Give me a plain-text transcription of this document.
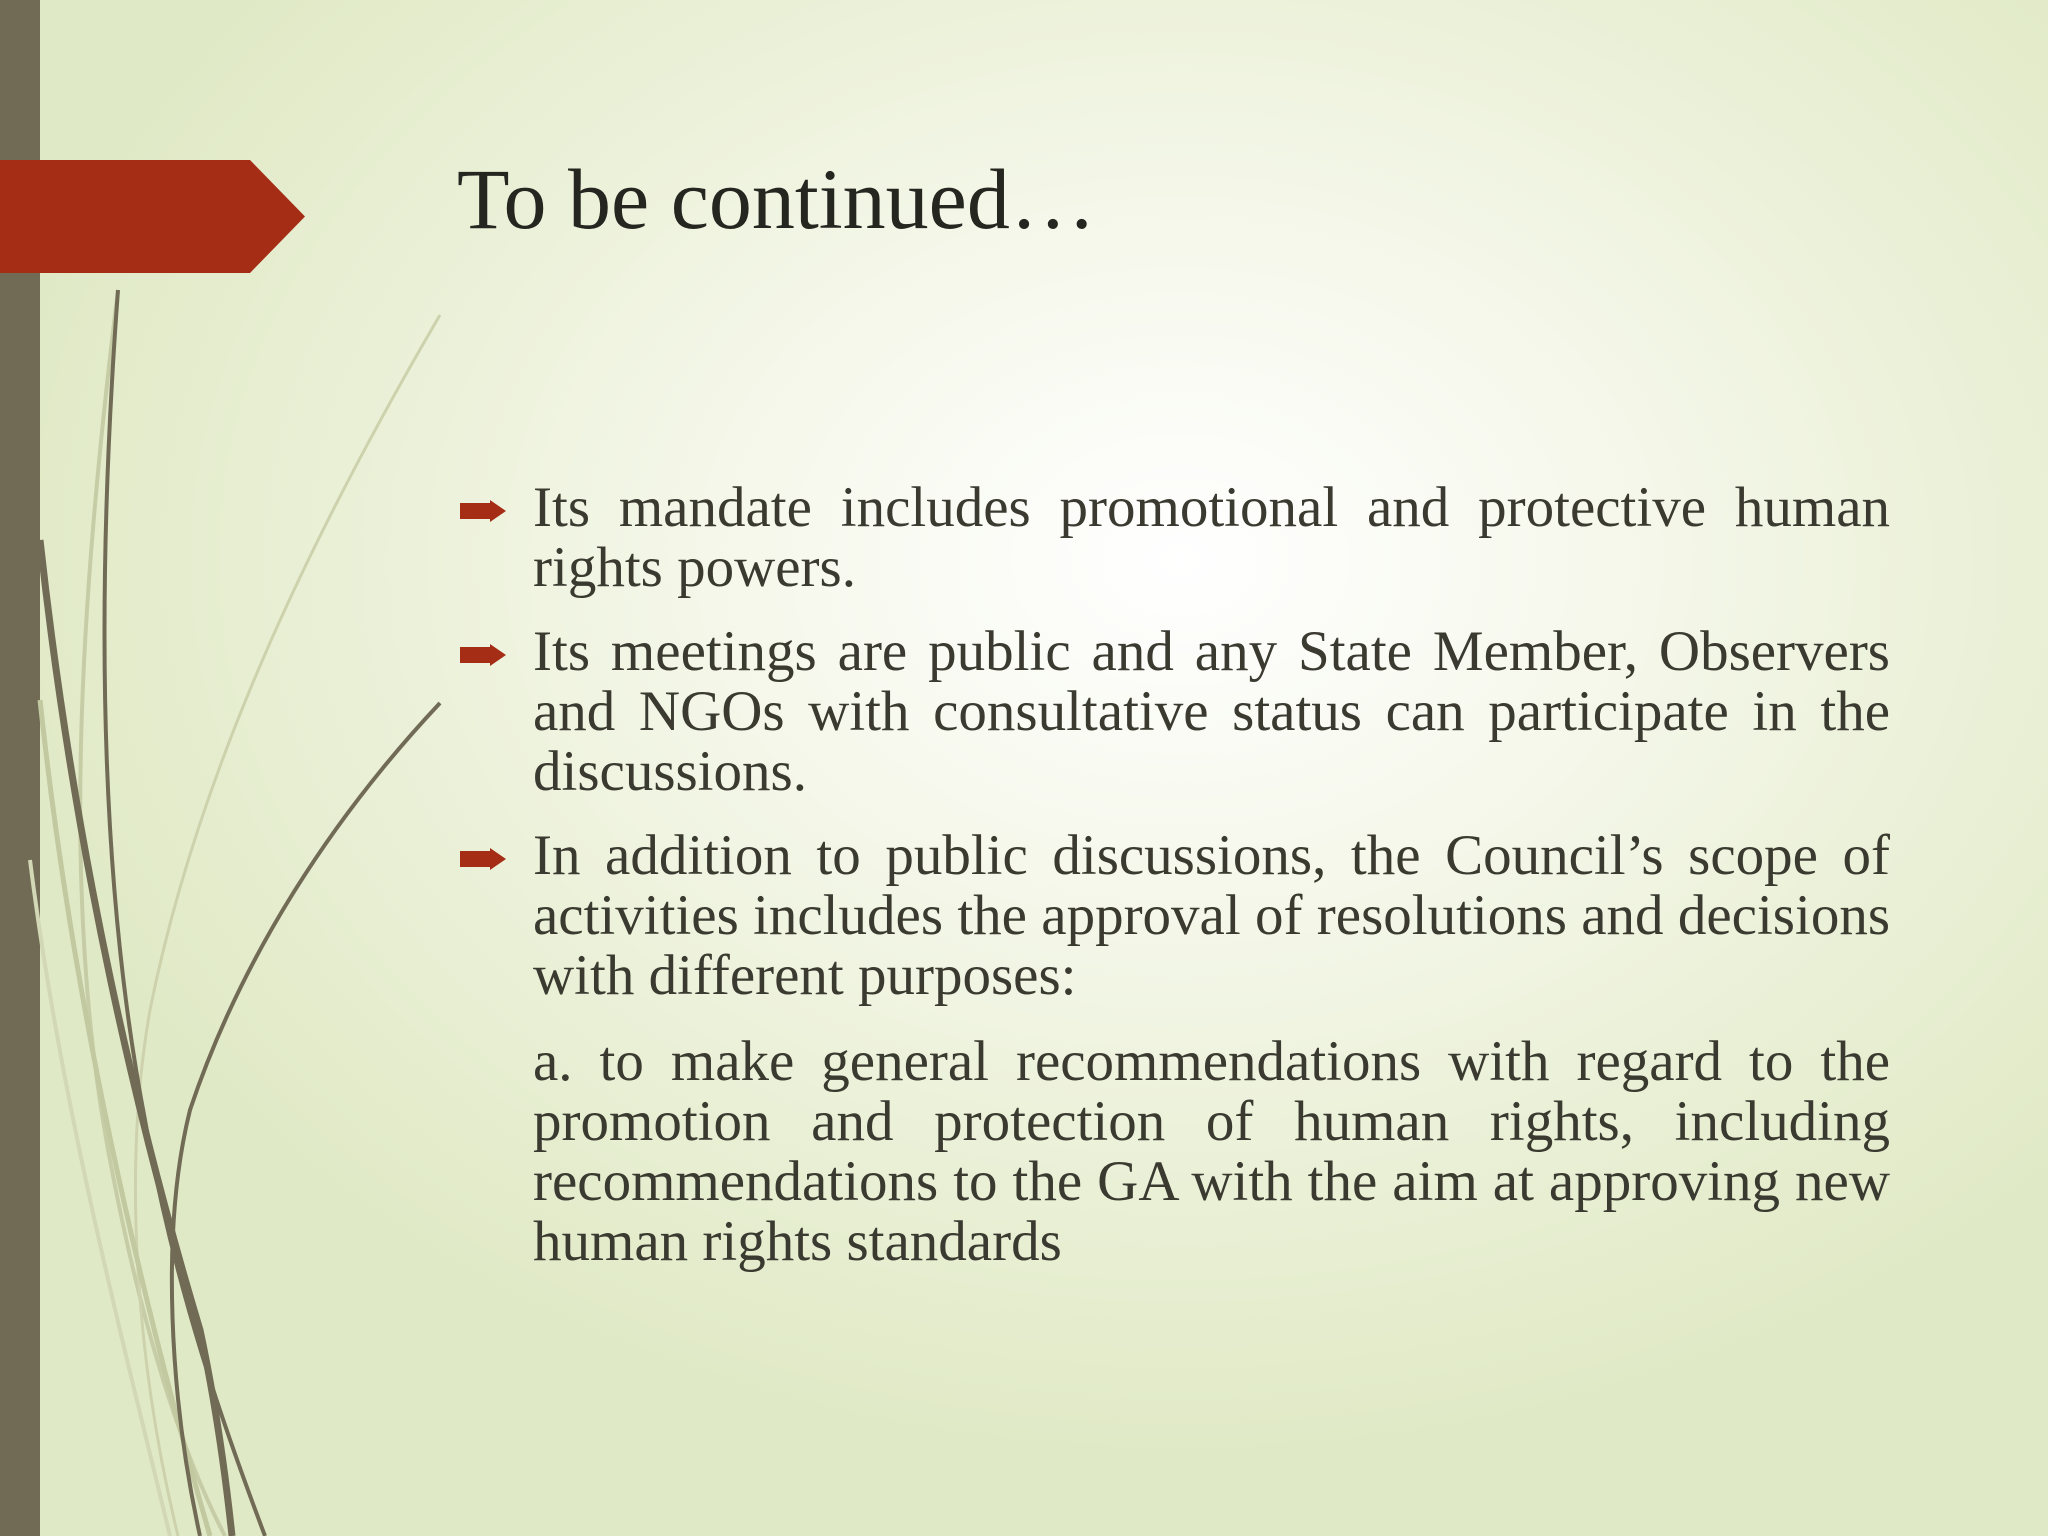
To be continued…

Its mandate includes promotional and protective human rights powers.

Its meetings are public and any State Member, Observers and NGOs with consultative status can participate in the discussions.

In addition to public discussions, the Council’s scope of activities includes the approval of resolutions and decisions with different purposes:

a. to make general recommendations with regard to the promotion and protection of human rights, including recommendations to the GA with the aim at approving new human rights standards
